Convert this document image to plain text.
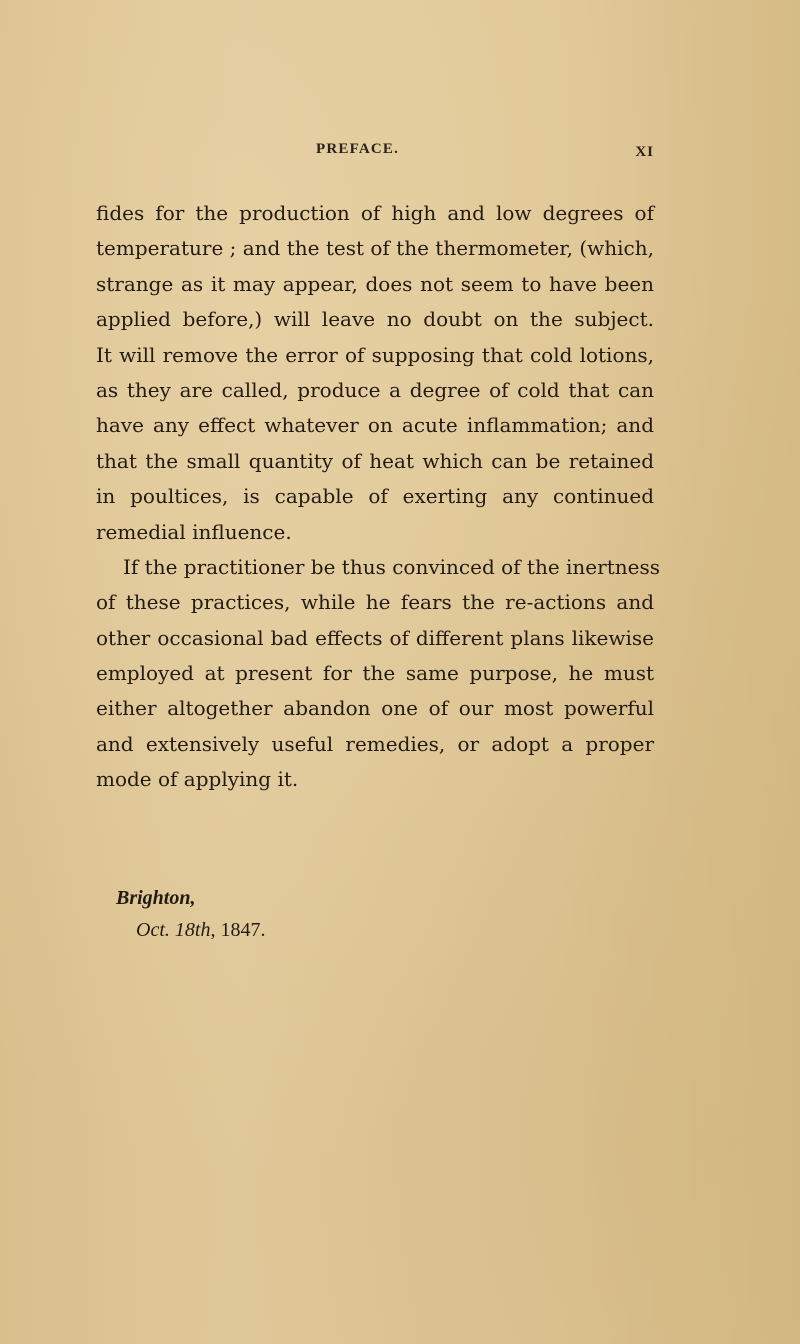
PREFACE.	XI
fides for the production of high and low degrees of
temperature ; and the test of the thermometer, (which,
strange as it may appear, does not seem to have been
applied before,) will leave no doubt on the subject.
It will remove the error of supposing that cold lotions,
as they are called, produce a degree of cold that can
have any effect whatever on acute inflammation; and
that the small quantity of heat which can be retained
in poultices, is capable of exerting any continued
remedial influence.
If the practitioner be thus convinced of the inertness
of these practices, while he fears the re-actions and
other occasional bad effects of different plans likewise
employed at present for the same purpose, he must
either altogether abandon one of our most powerful
and extensively useful remedies, or adopt a proper
mode of applying it.
Brighton,
Oct. 18th, 1847.
